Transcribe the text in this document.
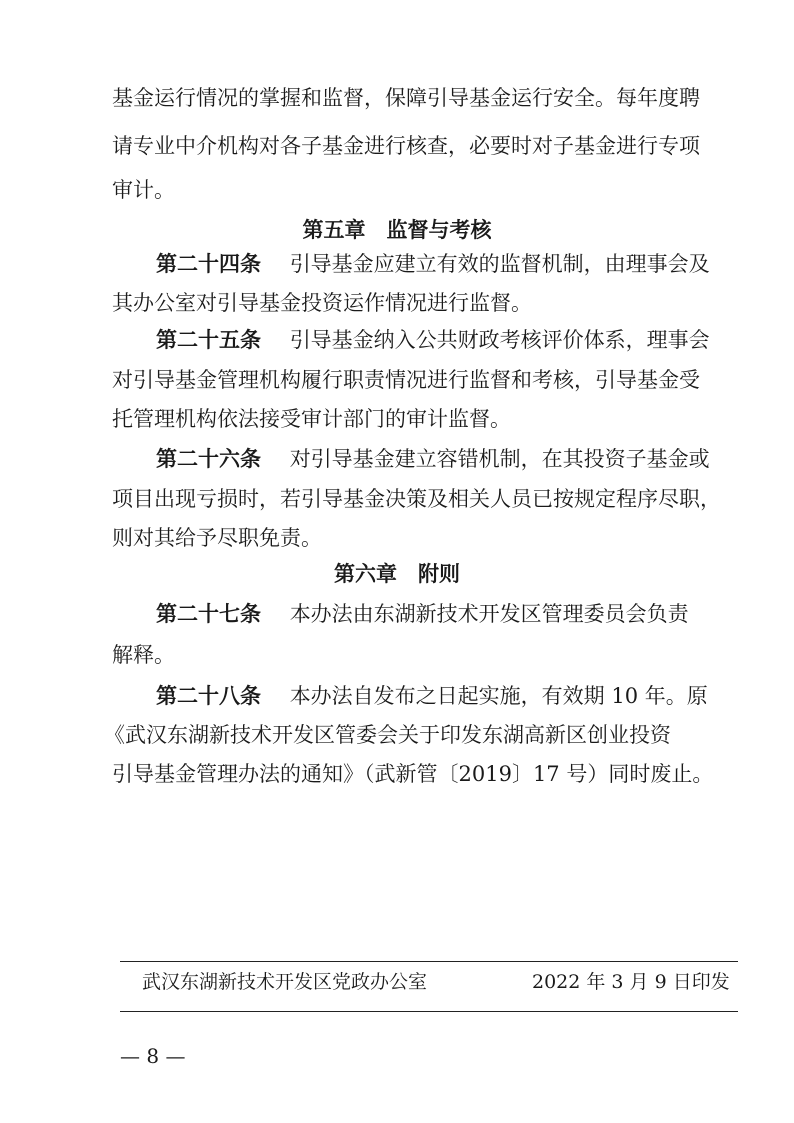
基金运行情况的掌握和监督，保障引导基金运行安全。每年度聘
请专业中介机构对各子基金进行核查，必要时对子基金进行专项
审计。
第五章　监督与考核
第二十四条 引导基金应建立有效的监督机制，由理事会及
其办公室对引导基金投资运作情况进行监督。
第二十五条 引导基金纳入公共财政考核评价体系，理事会
对引导基金管理机构履行职责情况进行监督和考核，引导基金受
托管理机构依法接受审计部门的审计监督。
第二十六条 对引导基金建立容错机制，在其投资子基金或
项目出现亏损时，若引导基金决策及相关人员已按规定程序尽职，
则对其给予尽职免责。
第六章　附则
第二十七条 本办法由东湖新技术开发区管理委员会负责
解释。
第二十八条 本办法自发布之日起实施，有效期 10 年。原
《武汉东湖新技术开发区管委会关于印发东湖高新区创业投资
引导基金管理办法的通知》（武新管〔2019〕17 号）同时废止。
武汉东湖新技术开发区党政办公室	2022 年 3 月 9 日印发
— 8 —
